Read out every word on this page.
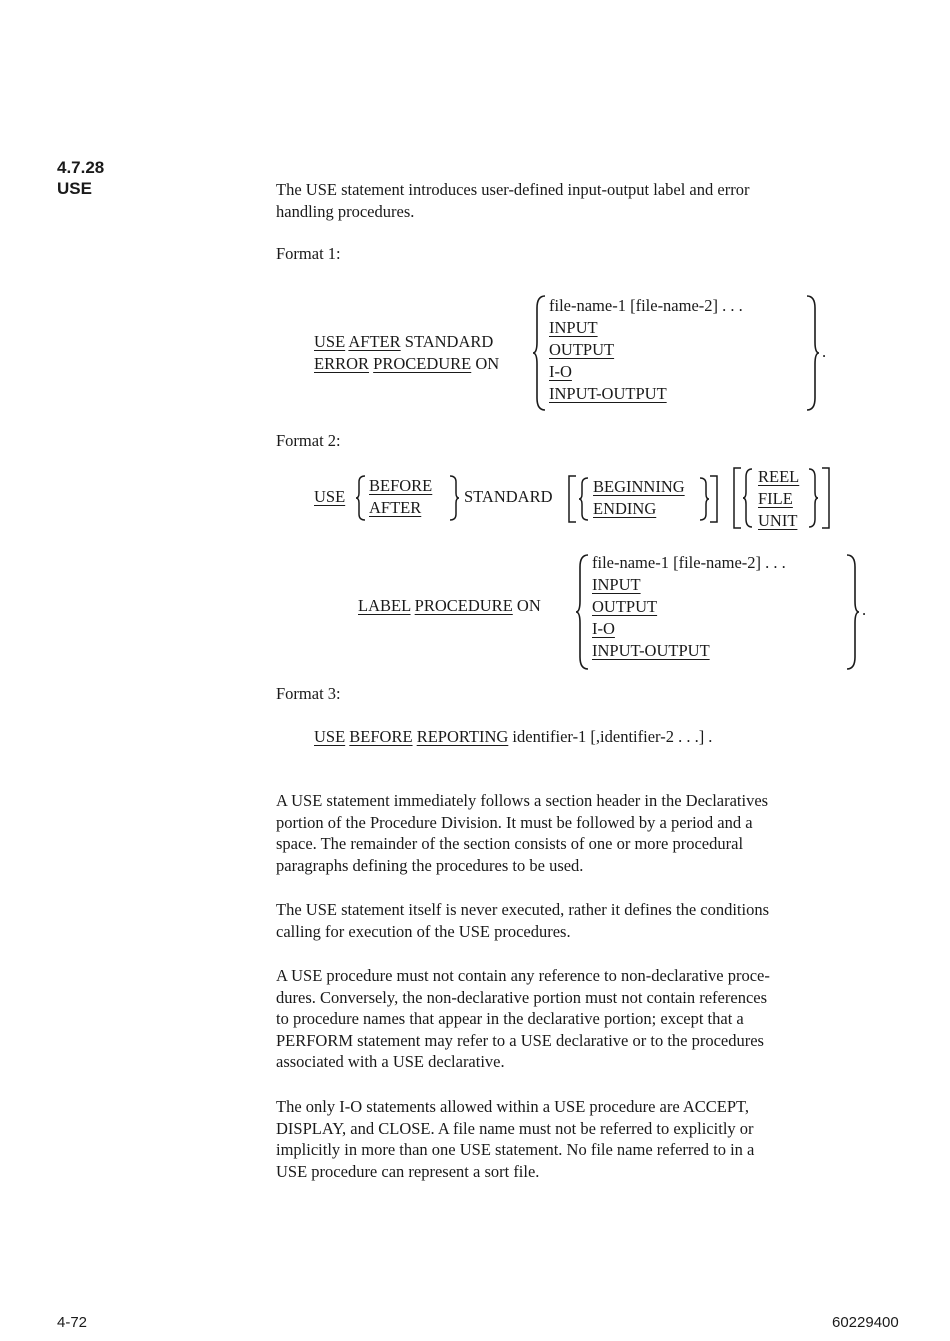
4.7.28
USE	The USE statement introduces user-defined input-output label and error
handling procedures.
Format 1:
USE AFTER STANDARD
ERROR PROCEDURE ON
file-name-1 [file-name-2] . . .
INPUT
OUTPUT
I-O
INPUT-OUTPUT
.
Format 2:
USE
BEFORE
AFTER
STANDARD
BEGINNING
ENDING
REEL
FILE
UNIT
LABEL PROCEDURE ON
file-name-1 [file-name-2] . . .
INPUT
OUTPUT
I-O
INPUT-OUTPUT
.
Format 3:
USE BEFORE REPORTING identifier-1 [,identifier-2 . . .] .
A USE statement immediately follows a section header in the Declaratives
portion of the Procedure Division. It must be followed by a period and a
space. The remainder of the section consists of one or more procedural
paragraphs defining the procedures to be used.
The USE statement itself is never executed, rather it defines the conditions
calling for execution of the USE procedures.
A USE procedure must not contain any reference to non-declarative proce-
dures. Conversely, the non-declarative portion must not contain references
to procedure names that appear in the declarative portion; except that a
PERFORM statement may refer to a USE declarative or to the procedures
associated with a USE declarative.
The only I-O statements allowed within a USE procedure are ACCEPT,
DISPLAY, and CLOSE. A file name must not be referred to explicitly or
implicitly in more than one USE statement. No file name referred to in a
USE procedure can represent a sort file.
4-72	60229400
